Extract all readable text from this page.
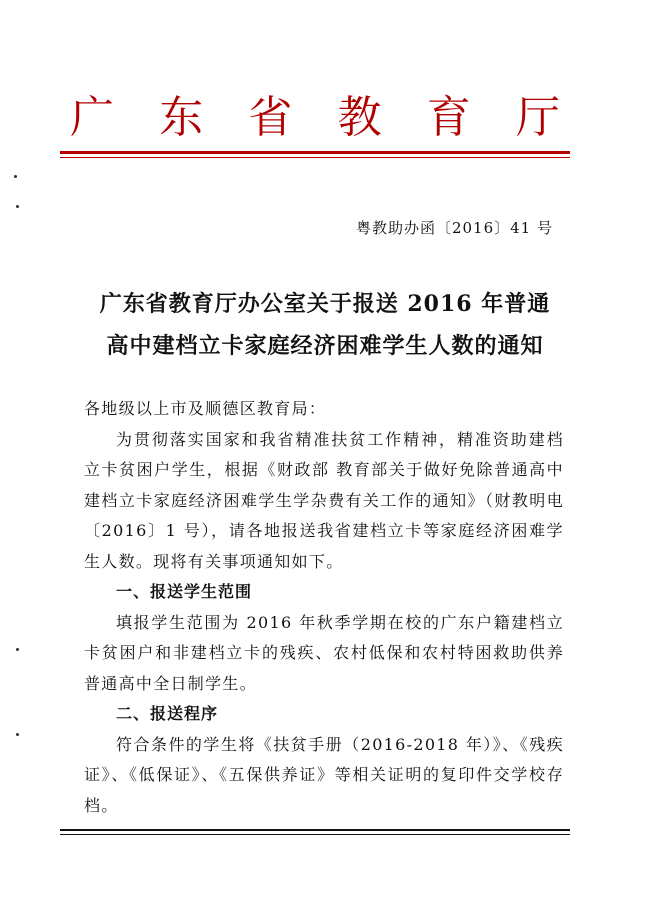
广 东 省 教 育 厅
粤教助办函〔2016〕41 号
广东省教育厅办公室关于报送 2016 年普通
高中建档立卡家庭经济困难学生人数的通知

各地级以上市及顺德区教育局：

为贯彻落实国家和我省精准扶贫工作精神，精准资助建档立卡贫困户学生，根据《财政部 教育部关于做好免除普通高中建档立卡家庭经济困难学生学杂费有关工作的通知》（财教明电〔2016〕1 号），请各地报送我省建档立卡等家庭经济困难学生人数。现将有关事项通知如下。

一、报送学生范围

填报学生范围为 2016 年秋季学期在校的广东户籍建档立卡贫困户和非建档立卡的残疾、农村低保和农村特困救助供养普通高中全日制学生。

二、报送程序

符合条件的学生将《扶贫手册（2016-2018 年）》、《残疾证》、《低保证》、《五保供养证》等相关证明的复印件交学校存档。
